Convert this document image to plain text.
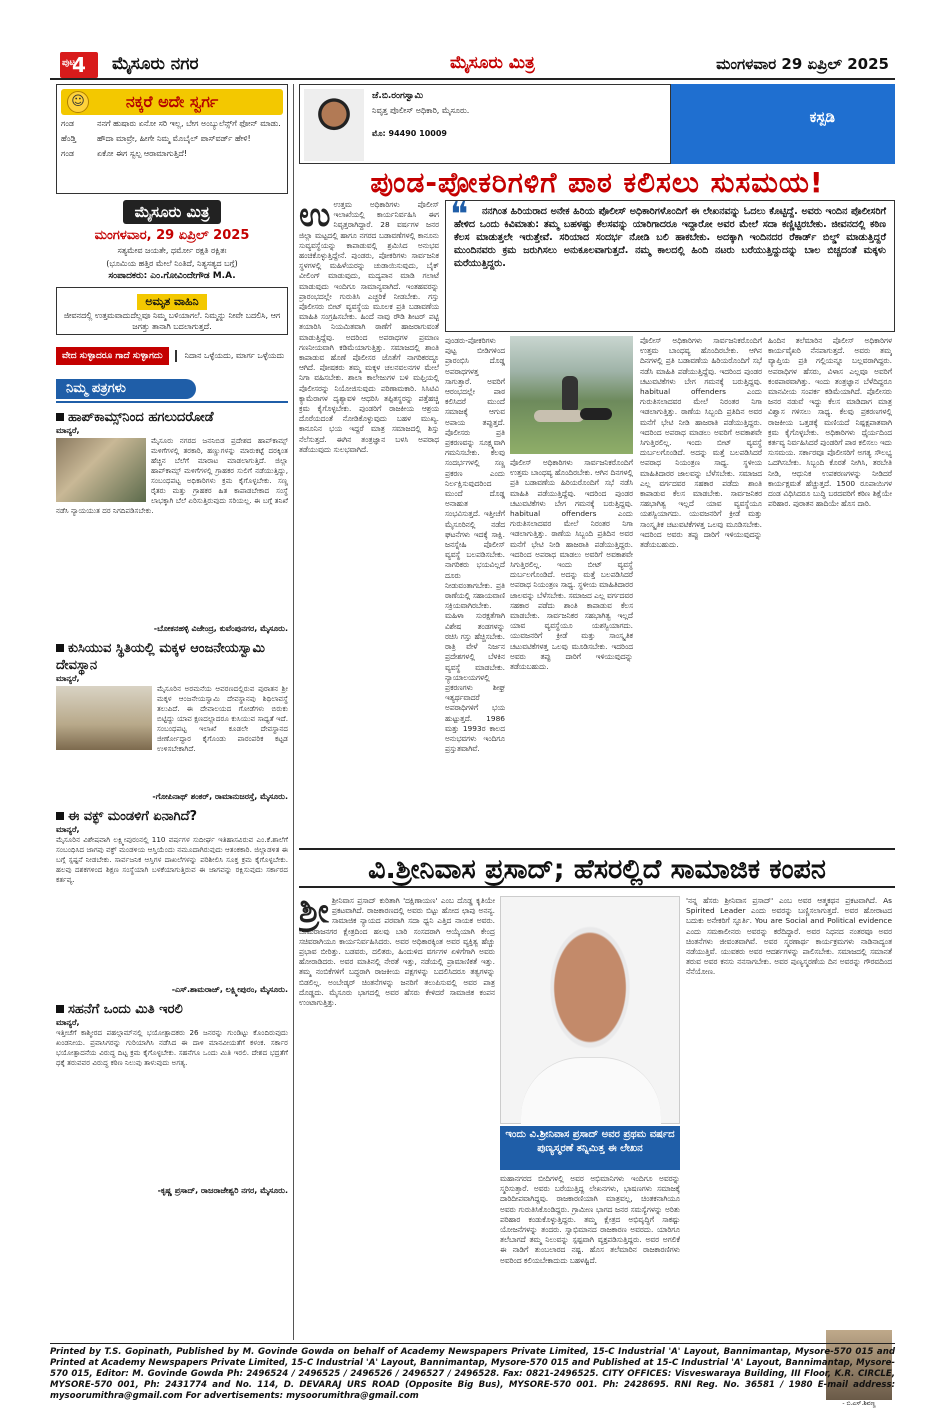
ಪುಟ
4	ಮೈಸೂರು ನಗರ	ಮೈಸೂರು ಮಿತ್ರ	ಮಂಗಳವಾರ 29 ಏಪ್ರಿಲ್ 2025
☺	ನಕ್ಕರೆ ಅದೇ ಸ್ವರ್ಗ
ಗಂಡ	ನನಗೆ ಹುಷಾರು ಏನೋ ಸರಿ ಇಲ್ಲ, ಬೇಗ ಅಂಬ್ಯುಲೆನ್ಸ್‌ಗೆ ಫೋನ್ ಮಾಡು.
ಹೆಂಡ್ತಿ	ಹೌದಾ ಮಾವ್ರೇ, ಹೀಗೇ ನಿಮ್ಮ ಮೊಬೈಲ್ ಪಾಸ್‌ವರ್ಡ್ ಹೇಳಿ!
ಗಂಡ	ಏಕೋ ಈಗ ಸ್ವಲ್ಪ ಆರಾಮಾಗುತ್ತಿದೆ!
ಮೈಸೂರು ಮಿತ್ರ
ಮಂಗಳವಾರ, 29 ಏಪ್ರಿಲ್ 2025
ಸತ್ಯಮೇವ ಜಯತೇ, ಧರ್ಮೋ ರಕ್ಷತಿ ರಕ್ಷಿತಃ
(ಭೂಮಿಯ ಹತ್ತಿರ ಮೇಲೆ ನಿಂತಿದೆ, ನಿತ್ಯಸತ್ಯದ ಬಗ್ಗೆ)
ಸಂಪಾದಕರು: ಎಂ.ಗೋವಿಂದೇಗೌಡ M.A.
ಅಮೃತ ವಾಹಿನಿ
ಜೀವನದಲ್ಲಿ ಉತ್ತಮವಾದುದೆಲ್ಲವೂ ನಿಮ್ಮ ಬಳಿಯಾಗಲೆ. ನಿಮ್ಮನ್ನು ನೀವೇ ಬದಲಿಸಿ, ಆಗ ಜಗತ್ತು ತಾನಾಗಿ ಬದಲಾಗುತ್ತದೆ.
ವೇದ ಸುಳ್ಳಾದರೂ ಗಾದೆ ಸುಳ್ಳಾಗದು	ನಿದಾನ ಒಳ್ಳೆಯದು, ಮಾರ್ಗ ಒಳ್ಳೆಯದು
ನಿಮ್ಮ ಪತ್ರಗಳು
ಹಾಪ್‌ಕಾಮ್ಸ್‌ನಿಂದ ಹಗಲುದರೋಡೆ
ಮಾನ್ಯರೆ,
ಮೈಸೂರು ನಗರದ ಜನನಿಬಿಡ ಪ್ರದೇಶದ ಹಾಪ್‌ಕಾಮ್ಸ್ ಮಳಿಗೆಗಳಲ್ಲಿ ತರಕಾರಿ, ಹಣ್ಣುಗಳನ್ನು ಮಾರುಕಟ್ಟೆ ದರಕ್ಕಿಂತ ಹೆಚ್ಚಿನ ಬೆಲೆಗೆ ಮಾರಾಟ ಮಾಡಲಾಗುತ್ತಿದೆ. ಜಿಲ್ಲಾ ಹಾಪ್‌ಕಾಮ್ಸ್ ಮಳಿಗೆಗಳಲ್ಲಿ ಗ್ರಾಹಕರ ಸುಲಿಗೆ ನಡೆಯುತ್ತಿದ್ದು, ಸಂಬಂಧಪಟ್ಟ ಅಧಿಕಾರಿಗಳು ಕ್ರಮ ಕೈಗೊಳ್ಳಬೇಕು. ಸಣ್ಣ ರೈತರು ಮತ್ತು ಗ್ರಾಹಕರ ಹಿತ ಕಾಪಾಡಬೇಕಾದ ಸಂಸ್ಥೆ ಲಾಭಕ್ಕಾಗಿ ಬೆಲೆ ಏರಿಸುತ್ತಿರುವುದು ಸರಿಯಲ್ಲ. ಈ ಬಗ್ಗೆ ತನಿಖೆ ನಡೆಸಿ ನ್ಯಾಯಯುತ ದರ ನಿಗದಿಪಡಿಸಬೇಕು.
-ಬೋಕನಹಳ್ಳಿ ವಿಜೇಂದ್ರ, ಕುವೆಂಪುನಗರ, ಮೈಸೂರು.
ಕುಸಿಯುವ ಸ್ಥಿತಿಯಲ್ಲಿ ಮಕ್ಕಳ ಆಂಜನೇಯಸ್ವಾಮಿ ದೇವಸ್ಥಾನ
ಮಾನ್ಯರೆ,
ಮೈಸೂರಿನ ಅರಮನೆಯ ಆವರಣದಲ್ಲಿರುವ ಪುರಾತನ ಶ್ರೀ ಮಕ್ಕಳ ಆಂಜನೇಯಸ್ವಾಮಿ ದೇವಸ್ಥಾನವು ಶಿಥಿಲಾವಸ್ಥೆ ತಲುಪಿದೆ. ಈ ದೇವಾಲಯದ ಗೋಡೆಗಳು ಬಿರುಕು ಬಿಟ್ಟಿದ್ದು ಯಾವ ಕ್ಷಣದಲ್ಲಾದರೂ ಕುಸಿಯುವ ಸಾಧ್ಯತೆ ಇದೆ. ಸಂಬಂಧಪಟ್ಟ ಇಲಾಖೆ ಕೂಡಲೇ ದೇವಸ್ಥಾನದ ಜೀರ್ಣೋದ್ಧಾರ ಕೈಗೊಂಡು ಪಾರಂಪರಿಕ ಕಟ್ಟಡ ಉಳಿಸಬೇಕಾಗಿದೆ.
-ಗೋಪಿನಾಥ್ ಶಂಕರ್, ರಾಮಾನುಜರಸ್ತೆ, ಮೈಸೂರು.
ಈ ವಕ್ಫ್ ಮಂಡಳಿಗೆ ಏನಾಗಿದೆ?
ಮಾನ್ಯರೆ,
ಮೈಸೂರಿನ ವಿಶೇಷವಾಗಿ ಲಕ್ಷ್ಮೀಪುರಂನಲ್ಲಿ 110 ವರ್ಷಗಳ ಸುದೀರ್ಘ ಇತಿಹಾಸವಿರುವ ಎಂ.ಕೆ.ಶಾಲೆಗೆ ಸಂಬಂಧಿಸಿದ ಜಾಗವು ವಕ್ಫ್ ಮಂಡಳಿಯ ಆಸ್ತಿಯೆಂದು ನಮೂದಾಗಿರುವುದು ಆತಂಕಕಾರಿ. ಜಿಲ್ಲಾಡಳಿತ ಈ ಬಗ್ಗೆ ಸ್ಪಷ್ಟನೆ ನೀಡಬೇಕು. ಸಾರ್ವಜನಿಕ ಆಸ್ತಿಗಳ ದಾಖಲೆಗಳನ್ನು ಪರಿಶೀಲಿಸಿ ಸೂಕ್ತ ಕ್ರಮ ಕೈಗೊಳ್ಳಬೇಕು. ಹಲವು ದಶಕಗಳಿಂದ ಶಿಕ್ಷಣ ಸಂಸ್ಥೆಯಾಗಿ ಬಳಕೆಯಾಗುತ್ತಿರುವ ಈ ಜಾಗವನ್ನು ರಕ್ಷಿಸುವುದು ಸರ್ಕಾರದ ಕರ್ತವ್ಯ.
-ಎಸ್.ಶಾಮರಾಜ್, ಲಕ್ಷ್ಮೀಪುರಂ, ಮೈಸೂರು.
ಸಹನೆಗೆ ಒಂದು ಮಿತಿ ಇರಲಿ
ಮಾನ್ಯರೆ,
ಇತ್ತೀಚೆಗೆ ಕಾಶ್ಮೀರದ ಪಹಲ್ಗಾಮ್‌ನಲ್ಲಿ ಭಯೋತ್ಪಾದಕರು 26 ಜನರನ್ನು ಗುಂಡಿಟ್ಟು ಕೊಂದಿರುವುದು ಖಂಡನೀಯ. ಪ್ರವಾಸಿಗರನ್ನು ಗುರಿಯಾಗಿಸಿ ನಡೆಸಿದ ಈ ದಾಳಿ ಮಾನವೀಯತೆಗೆ ಕಳಂಕ. ಸರ್ಕಾರ ಭಯೋತ್ಪಾದನೆಯ ವಿರುದ್ಧ ದಿಟ್ಟ ಕ್ರಮ ಕೈಗೊಳ್ಳಬೇಕು. ಸಹನೆಗೂ ಒಂದು ಮಿತಿ ಇರಲಿ. ದೇಶದ ಭದ್ರತೆಗೆ ಧಕ್ಕೆ ತರುವವರ ವಿರುದ್ಧ ಕಠಿಣ ನಿಲುವು ತಾಳುವುದು ಅಗತ್ಯ.
-ಕೃಷ್ಣ ಪ್ರಸಾದ್, ರಾಜರಾಜೇಶ್ವರಿ ನಗರ, ಮೈಸೂರು.
ಜೆ.ಬಿ.ರಂಗಸ್ವಾಮಿ
ನಿವೃತ್ತ ಪೊಲೀಸ್ ಅಧಿಕಾರಿ, ಮೈಸೂರು.
ಮೊ: 94490 10009
ಕಸ್ಪಡಿ
ಪುಂಡ-ಪೋಕರಿಗಳಿಗೆ ಪಾಠ ಕಲಿಸಲು ಸುಸಮಯ!
ಉಉತ್ತಮ ಅಧಿಕಾರಿಗಳು ಪೊಲೀಸ್ ಇಲಾಖೆಯಲ್ಲಿ ಕಾರ್ಯನಿರ್ವಹಿಸಿ ಈಗ ನಿವೃತ್ತರಾಗಿದ್ದಾರೆ. 28 ವರ್ಷಗಳ ಜನರ ಜಿಲ್ಲಾ ಮಟ್ಟದಲ್ಲಿ ಹಾಗೂ ನಗರದ ಬಡಾವಣೆಗಳಲ್ಲಿ ಕಾನೂನು ಸುವ್ಯವಸ್ಥೆಯನ್ನು ಕಾಪಾಡುವಲ್ಲಿ ಶ್ರಮಿಸಿದ ಅನುಭವ ಹಂಚಿಕೊಳ್ಳುತ್ತಿದ್ದೇನೆ. ಪುಂಡರು, ಪೋಕರಿಗಳು ಸಾರ್ವಜನಿಕ ಸ್ಥಳಗಳಲ್ಲಿ ಮಹಿಳೆಯರನ್ನು ಚುಡಾಯಿಸುವುದು, ಬೈಕ್ ವೀಲಿಂಗ್ ಮಾಡುವುದು, ಮದ್ಯಪಾನ ಮಾಡಿ ಗಲಾಟೆ ಮಾಡುವುದು ಇಂದಿಗೂ ಸಾಮಾನ್ಯವಾಗಿದೆ. ಇಂತಹವರನ್ನು ಪ್ರಾರಂಭದಲ್ಲೇ ಗುರುತಿಸಿ ಎಚ್ಚರಿಕೆ ನೀಡಬೇಕು. ಗಸ್ತು ಪೊಲೀಸರು ಬೀಟ್ ವ್ಯವಸ್ಥೆಯ ಮೂಲಕ ಪ್ರತಿ ಬಡಾವಣೆಯ ಮಾಹಿತಿ ಸಂಗ್ರಹಿಸಬೇಕು. ಹಿಂದೆ ನಾವು ರೌಡಿ ಶೀಟರ್ ಪಟ್ಟಿ ತಯಾರಿಸಿ ನಿಯಮಿತವಾಗಿ ಠಾಣೆಗೆ ಹಾಜರಾಗುವಂತೆ ಮಾಡುತ್ತಿದ್ದೆವು. ಅದರಿಂದ ಅಪರಾಧಗಳ ಪ್ರಮಾಣ ಗಣನೀಯವಾಗಿ ಕಡಿಮೆಯಾಗುತ್ತಿತ್ತು. ಸಮಾಜದಲ್ಲಿ ಶಾಂತಿ ಕಾಪಾಡುವ ಹೊಣೆ ಪೊಲೀಸರ ಜೊತೆಗೆ ನಾಗರಿಕರದ್ದೂ ಆಗಿದೆ. ಪೋಷಕರು ತಮ್ಮ ಮಕ್ಕಳ ಚಲನವಲನಗಳ ಮೇಲೆ ನಿಗಾ ವಹಿಸಬೇಕು. ಶಾಲಾ ಕಾಲೇಜುಗಳ ಬಳಿ ಮಫ್ತಿಯಲ್ಲಿ ಪೊಲೀಸರನ್ನು ನಿಯೋಜಿಸುವುದು ಪರಿಣಾಮಕಾರಿ. ಸಿಸಿಟಿವಿ ಕ್ಯಾಮೆರಾಗಳ ದೃಶ್ಯಾವಳಿ ಆಧರಿಸಿ ತಪ್ಪಿತಸ್ಥರನ್ನು ಪತ್ತೆಹಚ್ಚಿ ಕ್ರಮ ಕೈಗೊಳ್ಳಬೇಕು. ಪುಂಡರಿಗೆ ರಾಜಕೀಯ ಆಶ್ರಯ ದೊರೆಯದಂತೆ ನೋಡಿಕೊಳ್ಳುವುದು ಬಹಳ ಮುಖ್ಯ. ಕಾನೂನಿನ ಭಯ ಇದ್ದರೆ ಮಾತ್ರ ಸಮಾಜದಲ್ಲಿ ಶಿಸ್ತು ನೆಲೆಸುತ್ತದೆ. ಈಗಿನ ತಂತ್ರಜ್ಞಾನ ಬಳಸಿ ಅಪರಾಧ ತಡೆಯುವುದು ಸುಲಭವಾಗಿದೆ.
❝	ನನಗಿಂತ ಹಿರಿಯರಾದ ಅನೇಕ ಹಿರಿಯ ಪೊಲೀಸ್ ಅಧಿಕಾರಿಗಳೊಂದಿಗೆ ಈ ಲೇಖನವನ್ನು ಓದಲು ಕೊಟ್ಟಿದ್ದೆ. ಅವರು ಇಂದಿನ ಪೊಲೀಸರಿಗೆ ಹೇಳಿದ ಒಂದು ಕಿವಿಮಾತು: ತಮ್ಮ ಬಹಳಷ್ಟು ಕೆಲಸವನ್ನು ಯಾರಿಗಾದರೂ ಇದ್ದಾರೋ ಅವರ ಮೇಲೆ ಸದಾ ಕಣ್ಣಿಟ್ಟಿರಬೇಕು. ಜೀವನದಲ್ಲಿ ಕಠಿಣ ಕೆಲಸ ಮಾಡುತ್ತಲೇ ಇರುತ್ತೇವೆ. ಸರಿಯಾದ ಸಂದರ್ಭ ನೋಡಿ ಬಲಿ ಹಾಕಬೇಕು. ಅದಕ್ಕಾಗಿ ಇಂದಿನದರ ರೆಕಾರ್ಡ್ ಬಿಲ್ಡ್ ಮಾಡುತ್ತಿದ್ದರೆ ಮುಂದಿನವರು ಕ್ರಮ ಜರುಗಿಸಲು ಅನುಕೂಲವಾಗುತ್ತದೆ. ನಮ್ಮ ಕಾಲದಲ್ಲಿ ಹಿಂದಿ ನಟರು ಬರೆಯುತ್ತಿದ್ದುದನ್ನು ಬಾಲ ಬಿಚ್ಚದಂತೆ ಮಕ್ಕಳು ಮರೆಯುತ್ತಿದ್ದರು.
ಪುಂಡರು-ಪೋಕರಿಗಳು ಪುಟ್ಟ ಬೀಡಿಗಳಿಂದ ಪ್ರಾರಂಭಿಸಿ ದೊಡ್ಡ ಅಪರಾಧಗಳತ್ತ ಸಾಗುತ್ತಾರೆ. ಅವರಿಗೆ ಆರಂಭದಲ್ಲೇ ಪಾಠ ಕಲಿಸಿದರೆ ಮುಂದೆ ಸಮಾಜಕ್ಕೆ ಆಗುವ ಅಪಾಯ ತಪ್ಪುತ್ತದೆ. ಪೊಲೀಸರು ಪ್ರತಿ ಪ್ರಕರಣವನ್ನು ಸೂಕ್ಷ್ಮವಾಗಿ ಗಮನಿಸಬೇಕು. ಕೆಲವು ಸಂದರ್ಭಗಳಲ್ಲಿ ಸಣ್ಣ ಪ್ರಕರಣ ಎಂದು ನಿರ್ಲಕ್ಷಿಸುವುದರಿಂದ ಮುಂದೆ ದೊಡ್ಡ ಅನಾಹುತ ಸಂಭವಿಸುತ್ತದೆ. ಇತ್ತೀಚೆಗೆ ಮೈಸೂರಿನಲ್ಲಿ ನಡೆದ ಘಟನೆಗಳು ಇದಕ್ಕೆ ಸಾಕ್ಷಿ. ಜನಸ್ನೇಹಿ ಪೊಲೀಸ್ ವ್ಯವಸ್ಥೆ ಬಲಪಡಿಸಬೇಕು. ನಾಗರಿಕರು ಭಯವಿಲ್ಲದೆ ದೂರು ನೀಡುವಂತಾಗಬೇಕು. ಪ್ರತಿ ಠಾಣೆಯಲ್ಲಿ ಸಹಾಯವಾಣಿ ಸಕ್ರಿಯವಾಗಿರಬೇಕು. ಮಹಿಳಾ ಸುರಕ್ಷತೆಗಾಗಿ ವಿಶೇಷ ತಂಡಗಳನ್ನು ರಚಿಸಿ ಗಸ್ತು ಹೆಚ್ಚಿಸಬೇಕು. ರಾತ್ರಿ ವೇಳೆ ನಿರ್ಜನ ಪ್ರದೇಶಗಳಲ್ಲಿ ಬೆಳಕಿನ ವ್ಯವಸ್ಥೆ ಮಾಡಬೇಕು. ನ್ಯಾಯಾಲಯಗಳಲ್ಲಿ ಪ್ರಕರಣಗಳು ಶೀಘ್ರ ಇತ್ಯರ್ಥವಾದರೆ ಅಪರಾಧಿಗಳಿಗೆ ಭಯ ಹುಟ್ಟುತ್ತದೆ. 1986 ಮತ್ತು 1993ರ ಕಾಲದ ಅನುಭವಗಳು ಇಂದಿಗೂ ಪ್ರಸ್ತುತವಾಗಿವೆ.
ಪೊಲೀಸ್ ಅಧಿಕಾರಿಗಳು ಸಾರ್ವಜನಿಕರೊಂದಿಗೆ ಉತ್ತಮ ಬಾಂಧವ್ಯ ಹೊಂದಿರಬೇಕು. ಆಗಿನ ದಿನಗಳಲ್ಲಿ ಪ್ರತಿ ಬಡಾವಣೆಯ ಹಿರಿಯರೊಂದಿಗೆ ಸಭೆ ನಡೆಸಿ ಮಾಹಿತಿ ಪಡೆಯುತ್ತಿದ್ದೆವು. ಇದರಿಂದ ಪುಂಡರ ಚಟುವಟಿಕೆಗಳು ಬೇಗ ಗಮನಕ್ಕೆ ಬರುತ್ತಿದ್ದವು. habitual offenders ಎಂದು ಗುರುತಿಸಲಾದವರ ಮೇಲೆ ನಿರಂತರ ನಿಗಾ ಇಡಲಾಗುತ್ತಿತ್ತು. ಠಾಣೆಯ ಸಿಬ್ಬಂದಿ ಪ್ರತಿದಿನ ಅವರ ಮನೆಗೆ ಭೇಟಿ ನೀಡಿ ಹಾಜರಾತಿ ಪಡೆಯುತ್ತಿದ್ದರು. ಇದರಿಂದ ಅಪರಾಧ ಮಾಡಲು ಅವರಿಗೆ ಅವಕಾಶವೇ ಸಿಗುತ್ತಿರಲಿಲ್ಲ. ಇಂದು ಬೀಟ್ ವ್ಯವಸ್ಥೆ ದುರ್ಬಲಗೊಂಡಿದೆ. ಅದನ್ನು ಮತ್ತೆ ಬಲಪಡಿಸಿದರೆ ಅಪರಾಧ ನಿಯಂತ್ರಣ ಸಾಧ್ಯ. ಸ್ಥಳೀಯ ಮಾಹಿತಿದಾರರ ಜಾಲವನ್ನು ಬೆಳೆಸಬೇಕು. ಸಮಾಜದ ಎಲ್ಲ ವರ್ಗದವರ ಸಹಕಾರ ಪಡೆದು ಶಾಂತಿ ಕಾಪಾಡುವ ಕೆಲಸ ಮಾಡಬೇಕು. ಸಾರ್ವಜನಿಕರ ಸಹಭಾಗಿತ್ವ ಇಲ್ಲದೆ ಯಾವ ವ್ಯವಸ್ಥೆಯೂ ಯಶಸ್ವಿಯಾಗದು. ಯುವಜನರಿಗೆ ಕ್ರೀಡೆ ಮತ್ತು ಸಾಂಸ್ಕೃತಿಕ ಚಟುವಟಿಕೆಗಳತ್ತ ಒಲವು ಮೂಡಿಸಬೇಕು. ಇದರಿಂದ ಅವರು ತಪ್ಪು ದಾರಿಗೆ ಇಳಿಯುವುದನ್ನು ತಡೆಯಬಹುದು.
ಪೊಲೀಸ್ ಅಧಿಕಾರಿಗಳು ಸಾರ್ವಜನಿಕರೊಂದಿಗೆ ಉತ್ತಮ ಬಾಂಧವ್ಯ ಹೊಂದಿರಬೇಕು. ಆಗಿನ ದಿನಗಳಲ್ಲಿ ಪ್ರತಿ ಬಡಾವಣೆಯ ಹಿರಿಯರೊಂದಿಗೆ ಸಭೆ ನಡೆಸಿ ಮಾಹಿತಿ ಪಡೆಯುತ್ತಿದ್ದೆವು. ಇದರಿಂದ ಪುಂಡರ ಚಟುವಟಿಕೆಗಳು ಬೇಗ ಗಮನಕ್ಕೆ ಬರುತ್ತಿದ್ದವು. habitual offenders ಎಂದು ಗುರುತಿಸಲಾದವರ ಮೇಲೆ ನಿರಂತರ ನಿಗಾ ಇಡಲಾಗುತ್ತಿತ್ತು. ಠಾಣೆಯ ಸಿಬ್ಬಂದಿ ಪ್ರತಿದಿನ ಅವರ ಮನೆಗೆ ಭೇಟಿ ನೀಡಿ ಹಾಜರಾತಿ ಪಡೆಯುತ್ತಿದ್ದರು. ಇದರಿಂದ ಅಪರಾಧ ಮಾಡಲು ಅವರಿಗೆ ಅವಕಾಶವೇ ಸಿಗುತ್ತಿರಲಿಲ್ಲ. ಇಂದು ಬೀಟ್ ವ್ಯವಸ್ಥೆ ದುರ್ಬಲಗೊಂಡಿದೆ. ಅದನ್ನು ಮತ್ತೆ ಬಲಪಡಿಸಿದರೆ ಅಪರಾಧ ನಿಯಂತ್ರಣ ಸಾಧ್ಯ. ಸ್ಥಳೀಯ ಮಾಹಿತಿದಾರರ ಜಾಲವನ್ನು ಬೆಳೆಸಬೇಕು. ಸಮಾಜದ ಎಲ್ಲ ವರ್ಗದವರ ಸಹಕಾರ ಪಡೆದು ಶಾಂತಿ ಕಾಪಾಡುವ ಕೆಲಸ ಮಾಡಬೇಕು. ಸಾರ್ವಜನಿಕರ ಸಹಭಾಗಿತ್ವ ಇಲ್ಲದೆ ಯಾವ ವ್ಯವಸ್ಥೆಯೂ ಯಶಸ್ವಿಯಾಗದು. ಯುವಜನರಿಗೆ ಕ್ರೀಡೆ ಮತ್ತು ಸಾಂಸ್ಕೃತಿಕ ಚಟುವಟಿಕೆಗಳತ್ತ ಒಲವು ಮೂಡಿಸಬೇಕು. ಇದರಿಂದ ಅವರು ತಪ್ಪು ದಾರಿಗೆ ಇಳಿಯುವುದನ್ನು ತಡೆಯಬಹುದು.
ಹಿಂದಿನ ತಲೆಮಾರಿನ ಪೊಲೀಸ್ ಅಧಿಕಾರಿಗಳ ಕಾರ್ಯವೈಖರಿ ನೆನಪಾಗುತ್ತದೆ. ಅವರು ತಮ್ಮ ವ್ಯಾಪ್ತಿಯ ಪ್ರತಿ ಗಲ್ಲಿಯನ್ನೂ ಬಲ್ಲವರಾಗಿದ್ದರು. ಅಪರಾಧಿಗಳ ಹೆಸರು, ವಿಳಾಸ ಎಲ್ಲವೂ ಅವರಿಗೆ ಕಂಠಪಾಠವಾಗಿತ್ತು. ಇಂದು ತಂತ್ರಜ್ಞಾನ ಬೆಳೆದಿದ್ದರೂ ಮಾನವೀಯ ಸಂಪರ್ಕ ಕಡಿಮೆಯಾಗಿದೆ. ಪೊಲೀಸರು ಜನರ ನಡುವೆ ಇದ್ದು ಕೆಲಸ ಮಾಡಿದಾಗ ಮಾತ್ರ ವಿಶ್ವಾಸ ಗಳಿಸಲು ಸಾಧ್ಯ. ಕೆಲವು ಪ್ರಕರಣಗಳಲ್ಲಿ ರಾಜಕೀಯ ಒತ್ತಡಕ್ಕೆ ಮಣಿಯದೆ ನಿಷ್ಪಕ್ಷಪಾತವಾಗಿ ಕ್ರಮ ಕೈಗೊಳ್ಳಬೇಕು. ಅಧಿಕಾರಿಗಳು ಧೈರ್ಯದಿಂದ ಕರ್ತವ್ಯ ನಿರ್ವಹಿಸಿದರೆ ಪುಂಡರಿಗೆ ಪಾಠ ಕಲಿಸಲು ಇದು ಸುಸಮಯ. ಸರ್ಕಾರವೂ ಪೊಲೀಸರಿಗೆ ಅಗತ್ಯ ಸೌಲಭ್ಯ ಒದಗಿಸಬೇಕು. ಸಿಬ್ಬಂದಿ ಕೊರತೆ ನೀಗಿಸಿ, ತರಬೇತಿ ನೀಡಿ, ಆಧುನಿಕ ಉಪಕರಣಗಳನ್ನು ನೀಡಿದರೆ ಕಾರ್ಯಕ್ಷಮತೆ ಹೆಚ್ಚುತ್ತದೆ. 1500 ರೂಪಾಯಿಗಳ ದಂಡ ವಿಧಿಸಿದರೂ ಬುದ್ಧಿ ಬರದವರಿಗೆ ಕಠಿಣ ಶಿಕ್ಷೆಯೇ ಪರಿಹಾರ. ಪುರಾತನ ಹಾದಿಯೇ ಹೊಸ ದಾರಿ.
ವಿ.ಶ್ರೀನಿವಾಸ ಪ್ರಸಾದ್; ಹೆಸರಲ್ಲಿದೆ ಸಾಮಾಜಿಕ ಕಂಪನ
ಶ್ರೀ ಶ್ರೀನಿವಾಸ ಪ್ರಸಾದ್ ಕುರಿತಾಗಿ 'ದಕ್ಷಿಣಾಯಣ' ಎಂಬ ದೊಡ್ಡ ಕೃತಿಯೇ ಪ್ರಕಟವಾಗಿದೆ. ರಾಜಕಾರಣದಲ್ಲಿ ಅವರು ಬಿಟ್ಟು ಹೋದ ಛಾಪು ಅನನ್ಯ. ಸಾಮಾಜಿಕ ನ್ಯಾಯದ ಪರವಾಗಿ ಸದಾ ಧ್ವನಿ ಎತ್ತಿದ ನಾಯಕ ಅವರು. ಚಾಮರಾಜನಗರ ಕ್ಷೇತ್ರದಿಂದ ಹಲವು ಬಾರಿ ಸಂಸದರಾಗಿ ಆಯ್ಕೆಯಾಗಿ ಕೇಂದ್ರ ಸಚಿವರಾಗಿಯೂ ಕಾರ್ಯನಿರ್ವಹಿಸಿದರು. ಅವರ ಅಧಿಕಾರಕ್ಕಿಂತ ಅವರ ವ್ಯಕ್ತಿತ್ವ ಹೆಚ್ಚು ಪ್ರಭಾವ ಬೀರಿತ್ತು. ಬಡವರು, ದಲಿತರು, ಹಿಂದುಳಿದ ವರ್ಗಗಳ ಏಳಿಗೆಗಾಗಿ ಅವರು ಹೋರಾಡಿದರು. ಅವರ ಮಾತಿನಲ್ಲಿ ನೇರತೆ ಇತ್ತು, ನಡೆಯಲ್ಲಿ ಪ್ರಾಮಾಣಿಕತೆ ಇತ್ತು. ತಮ್ಮ ನಂಬಿಕೆಗಳಿಗೆ ಬದ್ಧರಾಗಿ ರಾಜಕೀಯ ಪಕ್ಷಗಳನ್ನು ಬದಲಿಸಿದರೂ ತತ್ವಗಳನ್ನು ಬಿಡಲಿಲ್ಲ. ಅಂಬೇಡ್ಕರ್ ಚಿಂತನೆಗಳನ್ನು ಜನರಿಗೆ ತಲುಪಿಸುವಲ್ಲಿ ಅವರ ಪಾತ್ರ ದೊಡ್ಡದು. ಮೈಸೂರು ಭಾಗದಲ್ಲಿ ಅವರ ಹೆಸರು ಕೇಳಿದರೆ ಸಾಮಾಜಿಕ ಕಂಪನ ಉಂಟಾಗುತ್ತಿತ್ತು.
ಇಂದು ವಿ.ಶ್ರೀನಿವಾಸ ಪ್ರಸಾದ್ ಅವರ ಪ್ರಥಮ ವರ್ಷದ ಪುಣ್ಯಸ್ಮರಣೆ ತನ್ನಿಮಿತ್ತ ಈ ಲೇಖನ
ಮಹಾನಗರದ ಬೀದಿಗಳಲ್ಲಿ ಅವರ ಅಭಿಮಾನಿಗಳು ಇಂದಿಗೂ ಅವರನ್ನು ಸ್ಮರಿಸುತ್ತಾರೆ. ಅವರು ಬರೆಯುತ್ತಿದ್ದ ಲೇಖನಗಳು, ಭಾಷಣಗಳು ಸಮಾಜಕ್ಕೆ ದಾರಿದೀಪವಾಗಿದ್ದವು. ರಾಜಕಾರಣಿಯಾಗಿ ಮಾತ್ರವಲ್ಲ, ಚಿಂತಕನಾಗಿಯೂ ಅವರು ಗುರುತಿಸಿಕೊಂಡಿದ್ದರು. ಗ್ರಾಮೀಣ ಭಾಗದ ಜನರ ಸಮಸ್ಯೆಗಳನ್ನು ಅರಿತು ಪರಿಹಾರ ಕಂಡುಕೊಳ್ಳುತ್ತಿದ್ದರು. ತಮ್ಮ ಕ್ಷೇತ್ರದ ಅಭಿವೃದ್ಧಿಗೆ ಸಾಕಷ್ಟು ಯೋಜನೆಗಳನ್ನು ತಂದರು. ಸ್ವಾಭಿಮಾನದ ರಾಜಕಾರಣ ಅವರದು. ಯಾರಿಗೂ ತಲೆಬಾಗದೆ ತಮ್ಮ ನಿಲುವನ್ನು ಸ್ಪಷ್ಟವಾಗಿ ವ್ಯಕ್ತಪಡಿಸುತ್ತಿದ್ದರು. ಅವರ ಅಗಲಿಕೆ ಈ ನಾಡಿಗೆ ತುಂಬಲಾರದ ನಷ್ಟ. ಹೊಸ ತಲೆಮಾರಿನ ರಾಜಕಾರಣಿಗಳು ಅವರಿಂದ ಕಲಿಯಬೇಕಾದುದು ಬಹಳಷ್ಟಿದೆ.
'ನನ್ನ ಹೆಸರು ಶ್ರೀನಿವಾಸ ಪ್ರಸಾದ್' ಎಂಬ ಅವರ ಆತ್ಮಕಥನ ಪ್ರಕಟವಾಗಿದೆ. As Spirited Leader ಎಂದು ಅವರನ್ನು ಬಣ್ಣಿಸಲಾಗುತ್ತದೆ. ಅವರ ಹೋರಾಟದ ಬದುಕು ಅನೇಕರಿಗೆ ಸ್ಫೂರ್ತಿ. You are Social and Political evidence ಎಂದು ಸಮಕಾಲೀನರು ಅವರನ್ನು ಕರೆದಿದ್ದಾರೆ. ಅವರ ನಿಧನದ ನಂತರವೂ ಅವರ ಚಿಂತನೆಗಳು ಜೀವಂತವಾಗಿವೆ. ಅವರ ಸ್ಮರಣಾರ್ಥ ಕಾರ್ಯಕ್ರಮಗಳು ನಾಡಿನಾದ್ಯಂತ ನಡೆಯುತ್ತಿವೆ. ಯುವಕರು ಅವರ ಆದರ್ಶಗಳನ್ನು ಪಾಲಿಸಬೇಕು. ಸಮಾಜದಲ್ಲಿ ಸಮಾನತೆ ತರುವ ಅವರ ಕನಸು ನನಸಾಗಬೇಕು. ಅವರ ಪುಣ್ಯಸ್ಮರಣೆಯ ದಿನ ಅವರನ್ನು ಗೌರವದಿಂದ ನೆನೆಯೋಣ.
- ಬಿ.ಎಸ್.ಶಿವಣ್ಣ
Printed by T.S. Gopinath, Published by M. Govinde Gowda on behalf of Academy Newspapers Private Limited, 15-C Industrial 'A' Layout, Bannimantap, Mysore-570 015 and Printed at Academy Newspapers Private Limited, 15-C Industrial 'A' Layout, Bannimantap, Mysore-570 015 and Published at 15-C Industrial 'A' Layout, Bannimantap, Mysore-570 015, Editor: M. Govinde Gowda Ph: 2496524 / 2496525 / 2496526 / 2496527 / 2496528. Fax: 0821-2496525. CITY OFFICES: Visveswaraya Building, III Floor, K.R. CIRCLE, MYSORE-570 001, Ph: 2431774 and No. 114, D. DEVARAJ URS ROAD (Opposite Big Bus), MYSORE-570 001. Ph: 2428695. RNI Reg. No. 36581 / 1980 E-mail address: mysoorumithra@gmail.com For advertisements: mysoorumithra@gmail.com
